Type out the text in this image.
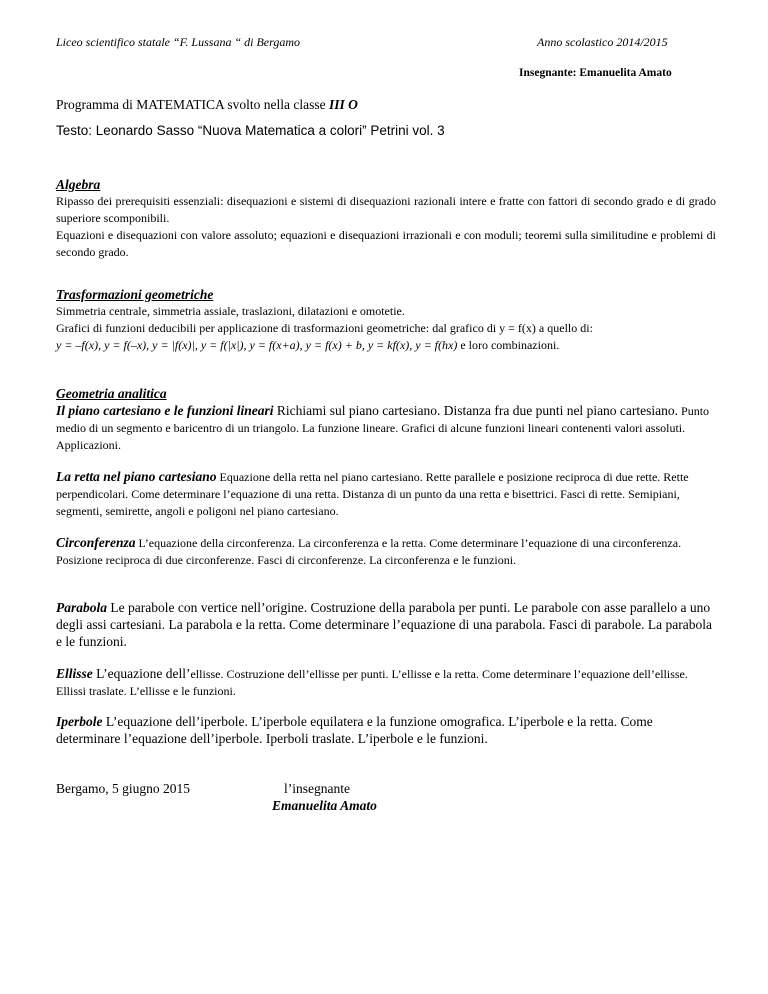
Liceo scientifico statale “F. Lussana “ di Bergamo	Anno scolastico 2014/2015
Insegnante: Emanuelita Amato
Programma di MATEMATICA svolto nella classe III O
Testo: Leonardo Sasso “Nuova Matematica a colori” Petrini vol. 3

Algebra

Ripasso dei prerequisiti essenziali: disequazioni e sistemi di disequazioni razionali intere e fratte con fattori di secondo grado e di grado superiore scomponibili.

Equazioni e disequazioni con valore assoluto; equazioni e disequazioni irrazionali e con moduli; teoremi sulla similitudine e problemi di secondo grado.

Trasformazioni geometriche

Simmetria centrale, simmetria assiale, traslazioni, dilatazioni e omotetie.

Grafici di funzioni deducibili per applicazione di trasformazioni geometriche: dal grafico di y = f(x) a quello di:

y = –f(x), y = f(–x), y = |f(x)|, y = f(|x|), y = f(x+a), y = f(x) + b, y = kf(x), y = f(hx) e loro combinazioni.

Geometria analitica

Il piano cartesiano e le funzioni lineari Richiami sul piano cartesiano. Distanza fra due punti nel piano cartesiano. Punto medio di un segmento e baricentro di un triangolo. La funzione lineare. Grafici di alcune funzioni lineari contenenti valori assoluti. Applicazioni.

La retta nel piano cartesiano Equazione della retta nel piano cartesiano. Rette parallele e posizione reciproca di due rette. Rette perpendicolari. Come determinare l’equazione di una retta. Distanza di un punto da una retta e bisettrici. Fasci di rette. Semipiani, segmenti, semirette, angoli e poligoni nel piano cartesiano.

Circonferenza L’equazione della circonferenza. La circonferenza e la retta. Come determinare l’equazione di una circonferenza. Posizione reciproca di due circonferenze. Fasci di circonferenze. La circonferenza e le funzioni.

Parabola Le parabole con vertice nell’origine. Costruzione della parabola per punti. Le parabole con asse parallelo a uno degli assi cartesiani. La parabola e la retta. Come determinare l’equazione di una parabola. Fasci di parabole. La parabola e le funzioni.

Ellisse L’equazione dell’ellisse. Costruzione dell’ellisse per punti. L’ellisse e la retta. Come determinare l’equazione dell’ellisse. Ellissi traslate. L’ellisse e le funzioni.

Iperbole L’equazione dell’iperbole. L’iperbole equilatera e la funzione omografica. L’iperbole e la retta. Come determinare l’equazione dell’iperbole. Iperboli traslate. L’iperbole e le funzioni.

Bergamo, 5 giugno 2015	l’insegnante
Emanuelita Amato
